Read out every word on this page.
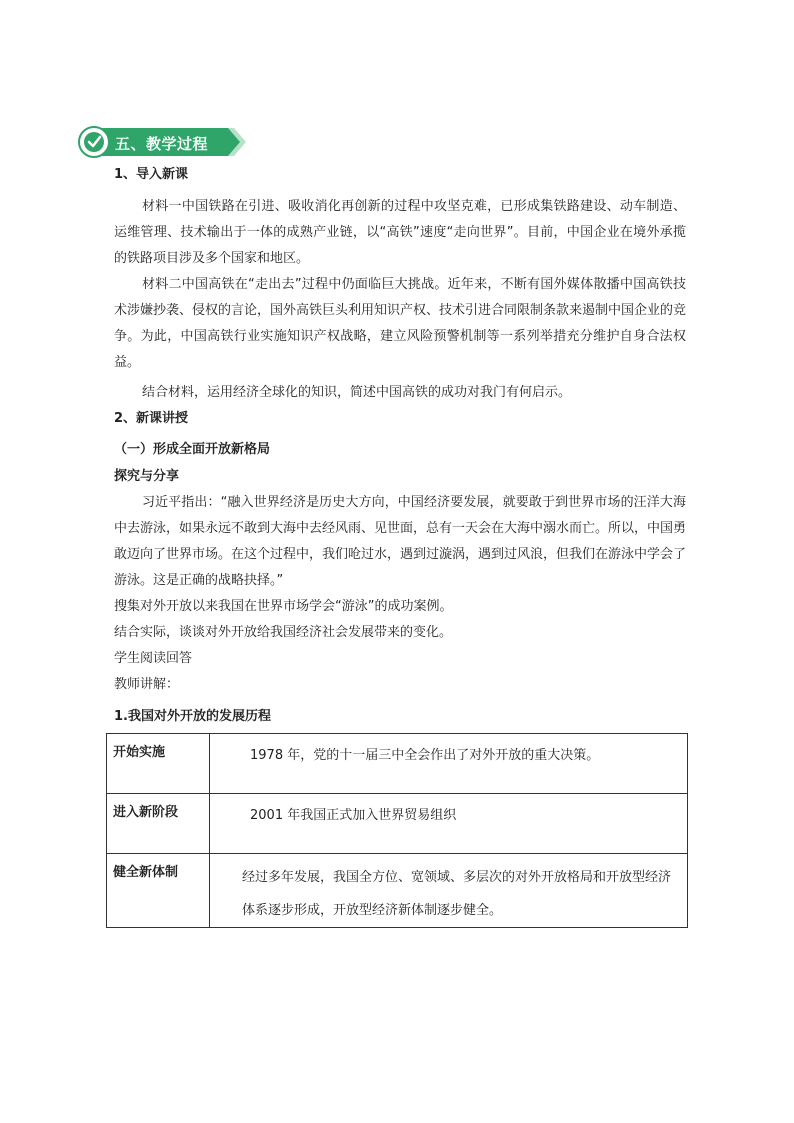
五、教学过程
1、导入新课
材料一中国铁路在引进、吸收消化再创新的过程中攻坚克难，已形成集铁路建设、动车制造、运维管理、技术输出于一体的成熟产业链，以“高铁”速度“走向世界”。目前，中国企业在境外承揽的铁路项目涉及多个国家和地区。
材料二中国高铁在“走出去”过程中仍面临巨大挑战。近年来，不断有国外媒体散播中国高铁技术涉嫌抄袭、侵权的言论，国外高铁巨头利用知识产权、技术引进合同限制条款来遏制中国企业的竞争。为此，中国高铁行业实施知识产权战略，建立风险预警机制等一系列举措充分维护自身合法权益。
结合材料，运用经济全球化的知识，简述中国高铁的成功对我门有何启示。
2、新课讲授
（一）形成全面开放新格局
探究与分享
习近平指出：“融入世界经济是历史大方向，中国经济要发展，就要敢于到世界市场的汪洋大海中去游泳，如果永远不敢到大海中去经风雨、见世面，总有一天会在大海中溺水而亡。所以，中国勇敢迈向了世界市场。在这个过程中，我们呛过水，遇到过漩涡，遇到过风浪，但我们在游泳中学会了游泳。这是正确的战略抉择。”
搜集对外开放以来我国在世界市场学会“游泳”的成功案例。
结合实际，谈谈对外开放给我国经济社会发展带来的变化。
学生阅读回答
教师讲解：
1.我国对外开放的发展历程
开始实施	1978 年，党的十一届三中全会作出了对外开放的重大决策。

进入新阶段	2001 年我国正式加入世界贸易组织

健全新体制	经过多年发展，我国全方位、宽领域、多层次的对外开放格局和开放型经济体系逐步形成，开放型经济新体制逐步健全。
